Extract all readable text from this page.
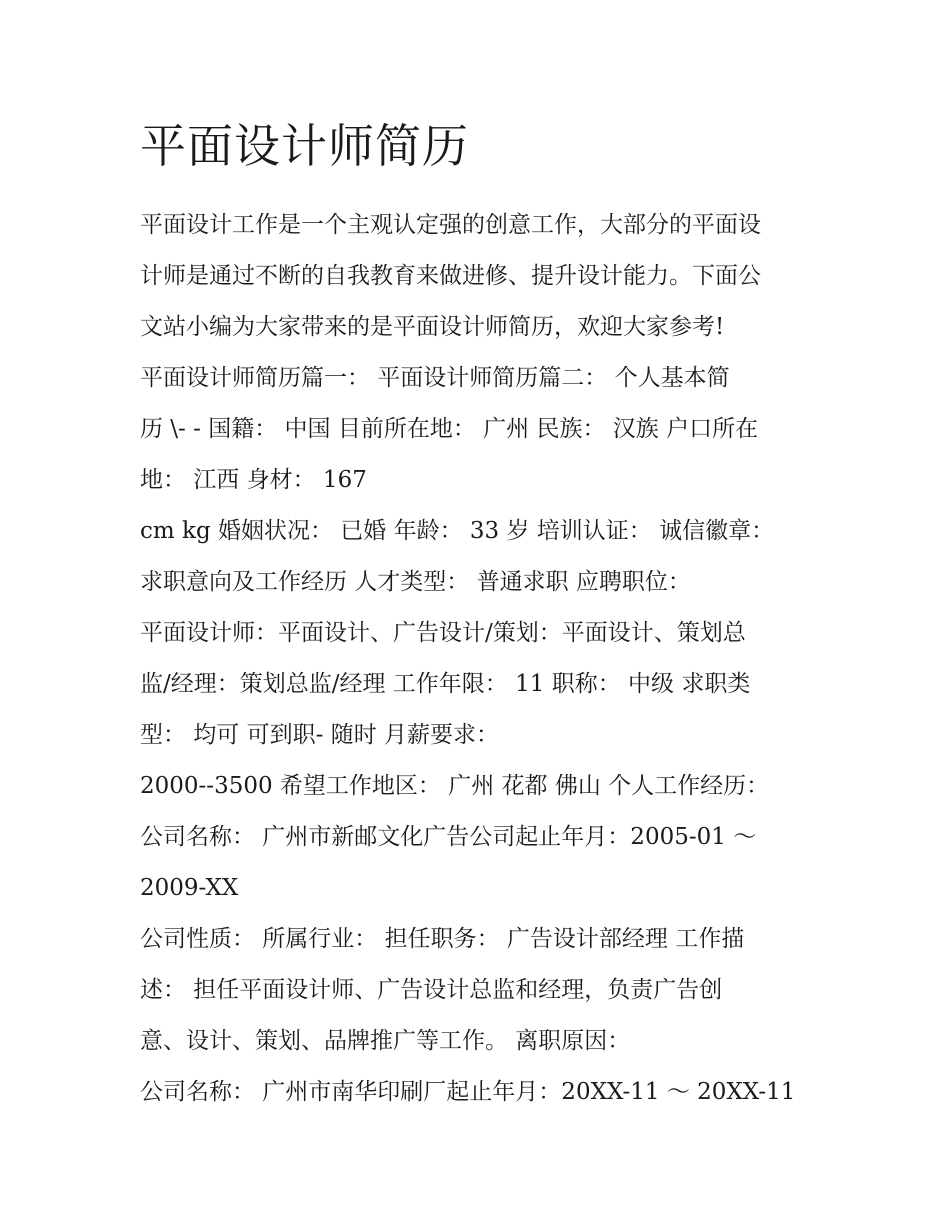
平面设计师简历
平面设计工作是一个主观认定强的创意工作，大部分的平面设
计师是通过不断的自我教育来做进修、提升设计能力。下面公
文站小编为大家带来的是平面设计师简历，欢迎大家参考!
平面设计师简历篇一： 平面设计师简历篇二： 个人基本简
历 \- - 国籍： 中国 目前所在地： 广州 民族： 汉族 户口所在
地： 江西 身材： 167
cm kg 婚姻状况： 已婚 年龄： 33 岁 培训认证： 诚信徽章：
求职意向及工作经历 人才类型： 普通求职 应聘职位：
平面设计师：平面设计、广告设计/策划：平面设计、策划总
监/经理：策划总监/经理 工作年限： 11 职称： 中级 求职类
型： 均可 可到职- 随时 月薪要求：
2000--3500 希望工作地区： 广州 花都 佛山 个人工作经历：
公司名称： 广州市新邮文化广告公司起止年月：2005-01 ～
2009-XX
公司性质： 所属行业： 担任职务： 广告设计部经理 工作描
述： 担任平面设计师、广告设计总监和经理，负责广告创
意、设计、策划、品牌推广等工作。 离职原因：
公司名称： 广州市南华印刷厂起止年月：20XX-11 ～ 20XX-11
